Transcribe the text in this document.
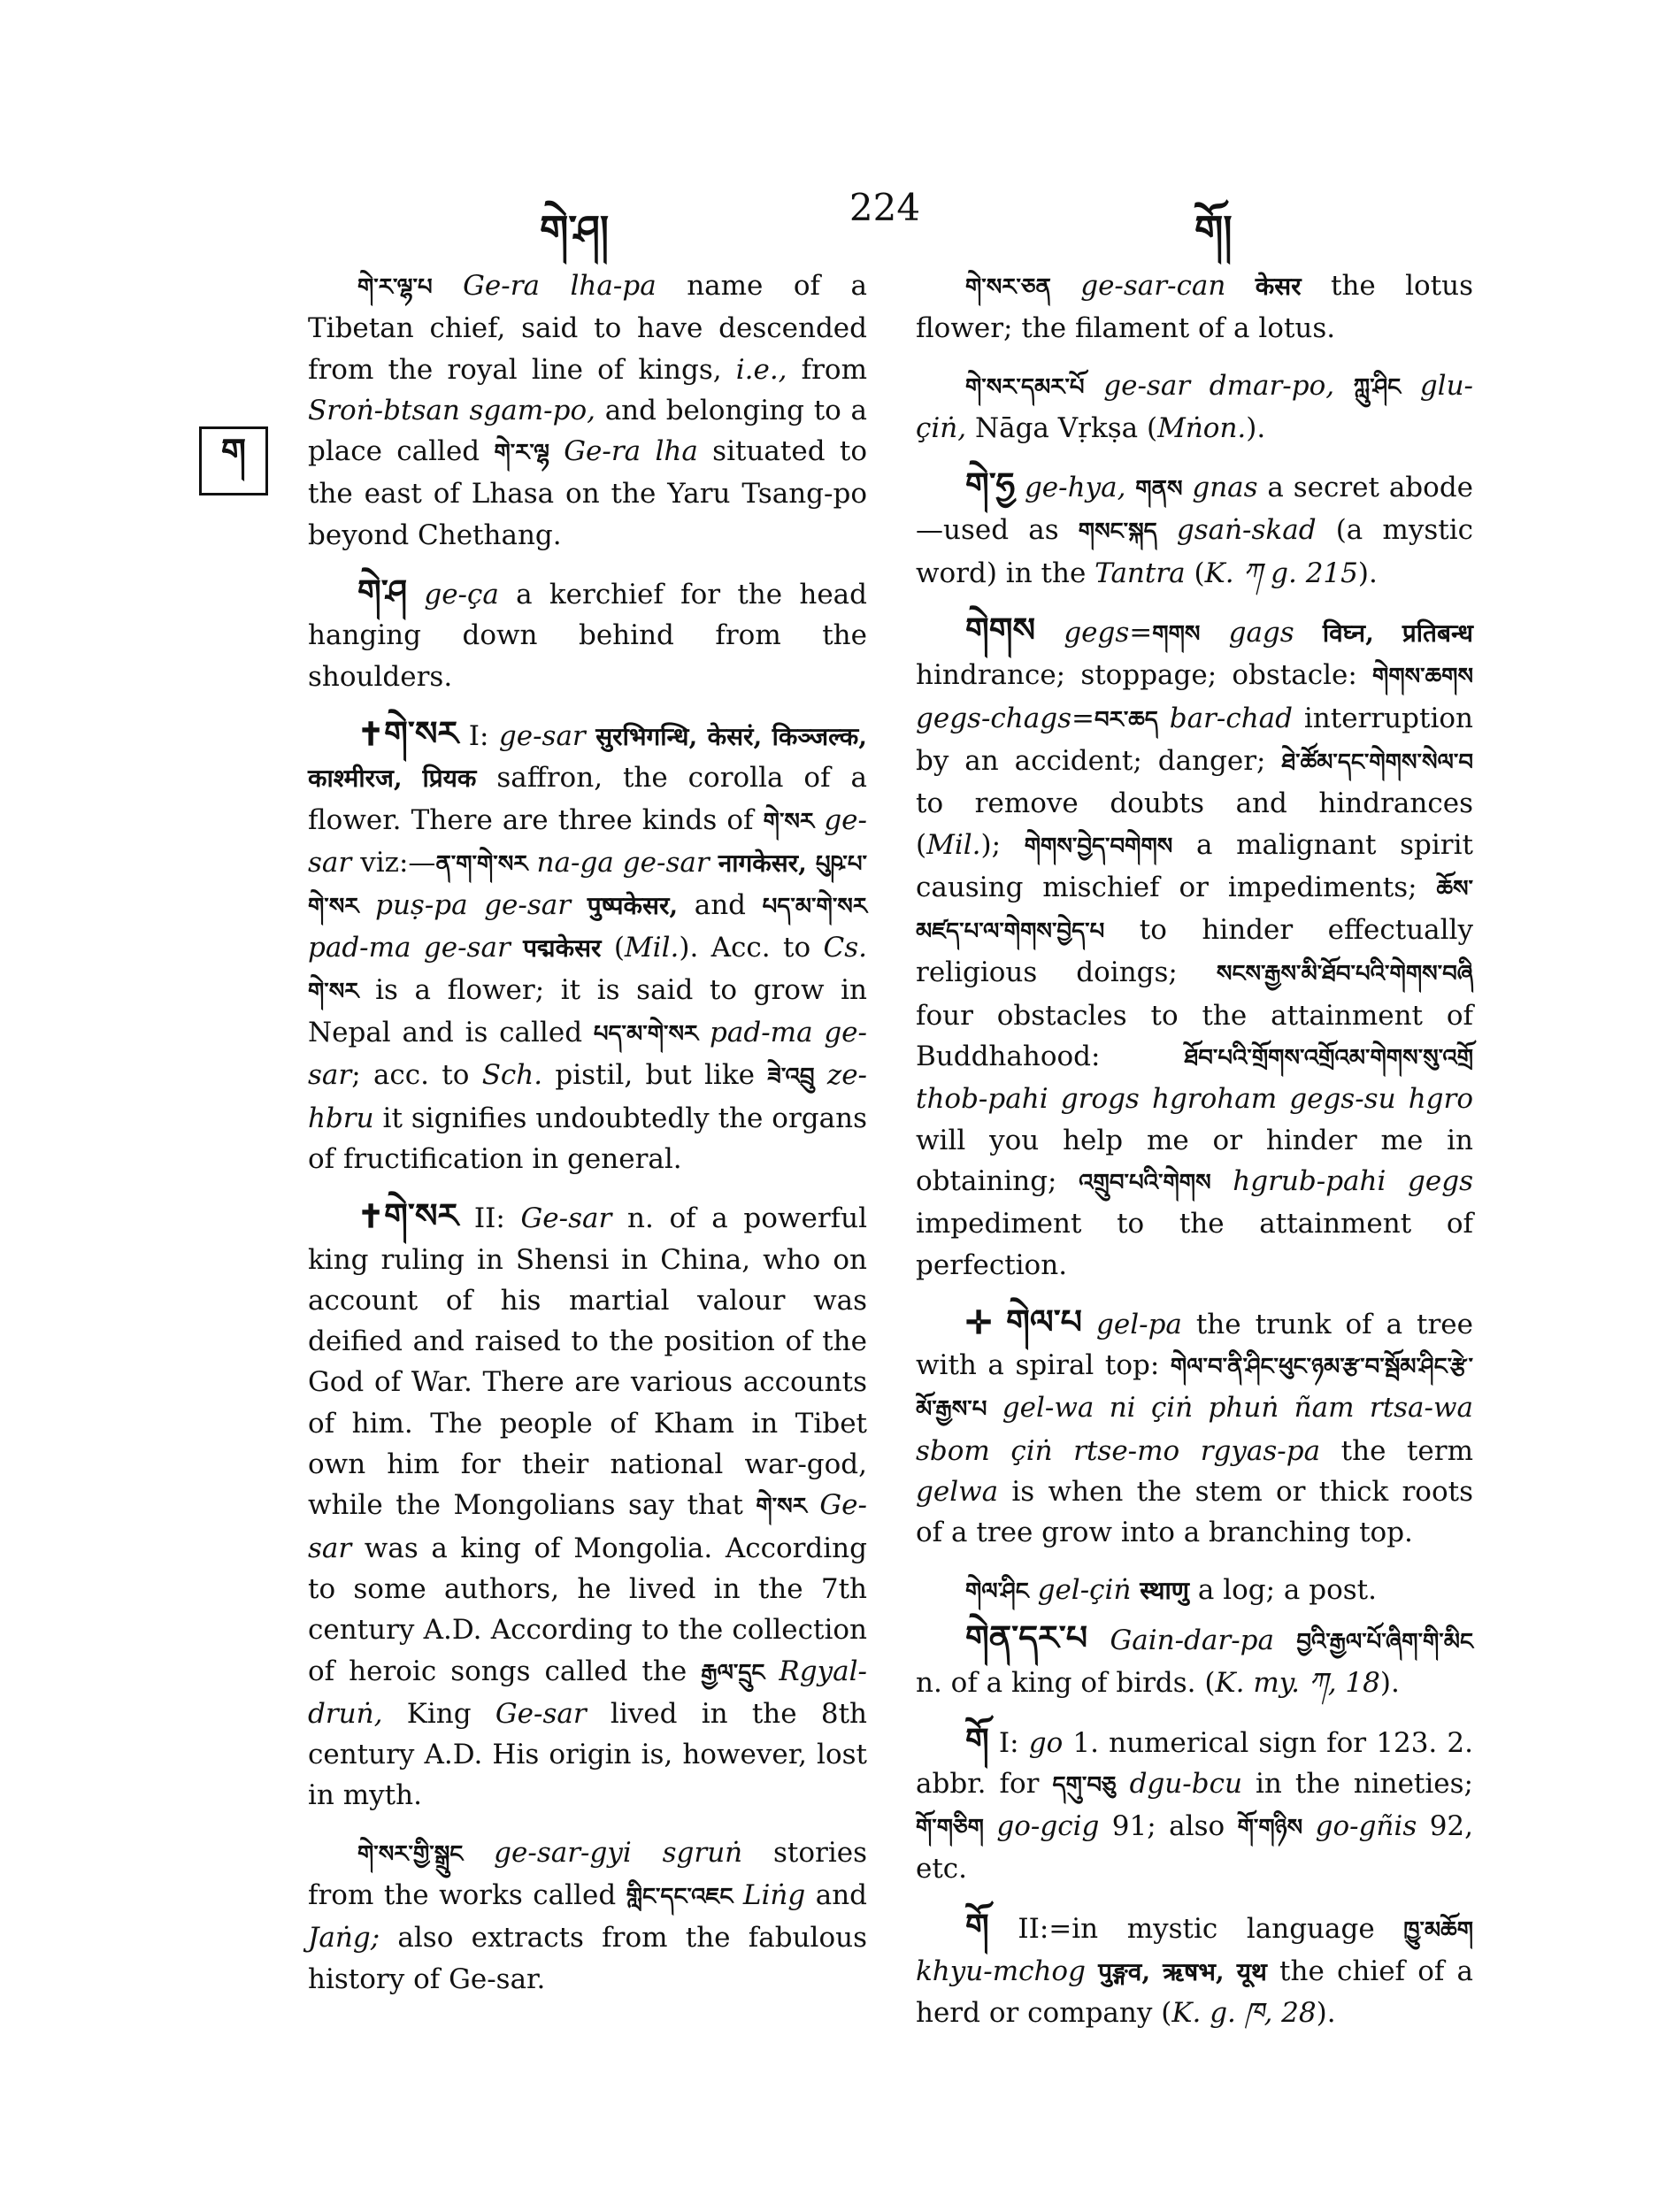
གེ་ཤ།	224	གོ།
ག

གེ་ར་ལྷ་པ Ge-ra lha-pa name of a Tibetan chief, said to have descended from the royal line of kings, i.e., from Sroṅ-btsan sgam-po, and belonging to a place called གེ་ར་ལྷ Ge-ra lha situated to the east of Lhasa on the Yaru Tsang-po beyond Chethang.

གེ་ཤ ge-ça a kerchief for the head hanging down behind from the shoulders.

✝གེ་སར I: ge-sar सुरभिगन्धि, केसरं, किञ्जल्क, काश्मीरज, प्रियक saffron, the corolla of a flower. There are three kinds of གེ་སར ge-sar viz:—ན་ག་གེ་སར na-ga ge-sar नागकेसर, པུཥ་པ་གེ་སར puṣ-pa ge-sar पुष्पकेसर, and པད་མ་གེ་སར pad-ma ge-sar पद्मकेसर (Mil.). Acc. to Cs. གེ་སར is a flower; it is said to grow in Nepal and is called པད་མ་གེ་སར pad-ma ge-sar; acc. to Sch. pistil, but like ཟེ་འབྲུ ze-hbru it signifies undoubtedly the organs of fructification in general.

✝གེ་སར II: Ge-sar n. of a powerful king ruling in Shensi in China, who on account of his martial valour was deified and raised to the position of the God of War. There are various accounts of him. The people of Kham in Tibet own him for their national war-god, while the Mongolians say that གེ་སར Ge-sar was a king of Mongolia. According to some authors, he lived in the 7th century A.D. According to the collection of heroic songs called the རྒྱལ་དྲུང Rgyal-druṅ, King Ge-sar lived in the 8th century A.D. His origin is, however, lost in myth.

གེ་སར་གྱི་སྒྲུང ge-sar-gyi sgruṅ stories from the works called གླིང་དང་འཇང Liṅg and Jaṅg; also extracts from the fabulous history of Ge-sar.

གེ་སར་ཅན ge-sar-can केसर the lotus flower; the filament of a lotus.

གེ་སར་དམར་པོ ge-sar dmar-po, ཀླུ་ཤིང glu-çiṅ, Nāga Vṛkṣa (Mṅon.).

གེ་ཧྱ ge-hya, གནས gnas a secret abode—used as གསང་སྐད gsaṅ-skad (a mystic word) in the Tantra (K. ཀ g. 215).

གེགས gegs=གགས gags विघ्न, प्रतिबन्ध hindrance; stoppage; obstacle: གེགས་ཆགས gegs-chags=བར་ཆད bar-chad interruption by an accident; danger; ཐེ་ཚོམ་དང་གེགས་སེལ་བ to remove doubts and hindrances (Mil.); གེགས་བྱེད་བགེགས a malignant spirit causing mischief or impediments; ཆོས་མཛད་པ་ལ་གེགས་བྱེད་པ to hinder effectually religious doings; སངས་རྒྱས་མི་ཐོབ་པའི་གེགས་བཞི four obstacles to the attainment of Buddhahood: ཐོབ་པའི་གྲོགས་འགྲོའམ་གེགས་སུ་འགྲོ thob-pahi grogs hgroham gegs-su hgro will you help me or hinder me in obtaining; འགྲུབ་པའི་གེགས hgrub-pahi gegs impediment to the attainment of perfection.

✛ གེལ་པ gel-pa the trunk of a tree with a spiral top: གེལ་བ་ནི་ཤིང་ཕུང་ཉམ་རྩ་བ་སྦོམ་ཤིང་རྩེ་མོ་རྒྱས་པ gel-wa ni çiṅ phuṅ ñam rtsa-wa sbom çiṅ rtse-mo rgyas-pa the term gelwa is when the stem or thick roots of a tree grow into a branching top.

གེལ་ཤིང gel-çiṅ स्थाणु a log; a post.

གེན་དར་པ Gain-dar-pa བྱའི་རྒྱལ་པོ་ཞིག་གི་མིང n. of a king of birds. (K. my. ཀ, 18).

གོ I: go 1. numerical sign for 123. 2. abbr. for དགུ་བཅུ dgu-bcu in the nineties; གོ་གཅིག go-gcig 91; also གོ་གཉིས go-gñis 92, etc.

གོ II:=in mystic language ཁྱུ་མཆོག khyu-mchog पुङ्गव, ऋषभ, यूथ the chief of a herd or company (K. g. ཁ, 28).
